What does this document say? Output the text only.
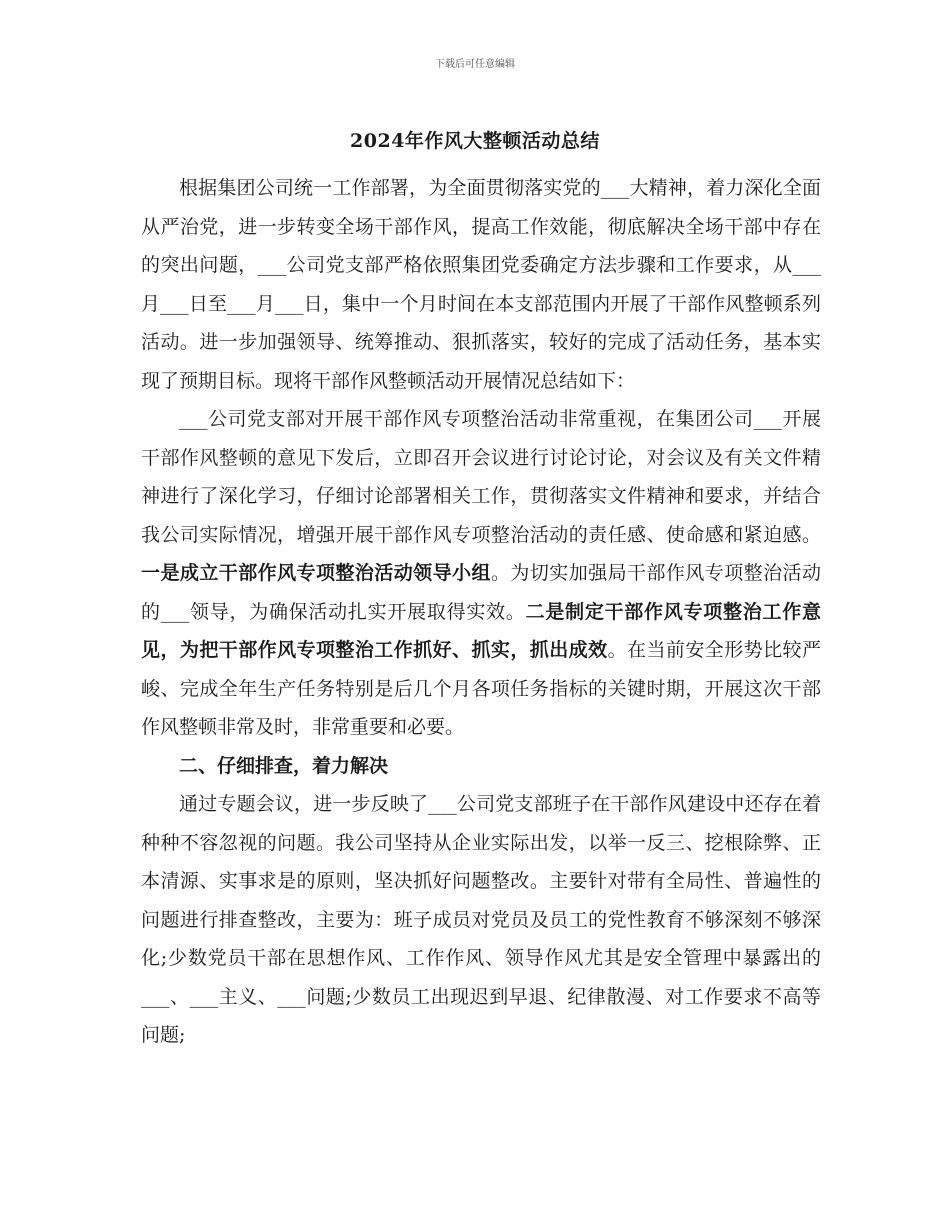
下载后可任意编辑
2024年作风大整顿活动总结

根据集团公司统一工作部署，为全面贯彻落实党的___大精神，着力深化全面从严治党，进一步转变全场干部作风，提高工作效能，彻底解决全场干部中存在的突出问题，___公司党支部严格依照集团党委确定方法步骤和工作要求，从___月___日至___月___日，集中一个月时间在本支部范围内开展了干部作风整顿系列活动。进一步加强领导、统筹推动、狠抓落实，较好的完成了活动任务，基本实现了预期目标。现将干部作风整顿活动开展情况总结如下：

___公司党支部对开展干部作风专项整治活动非常重视，在集团公司___开展干部作风整顿的意见下发后，立即召开会议进行讨论讨论，对会议及有关文件精神进行了深化学习，仔细讨论部署相关工作，贯彻落实文件精神和要求，并结合我公司实际情况，增强开展干部作风专项整治活动的责任感、使命感和紧迫感。一是成立干部作风专项整治活动领导小组。为切实加强局干部作风专项整治活动的___领导，为确保活动扎实开展取得实效。二是制定干部作风专项整治工作意见，为把干部作风专项整治工作抓好、抓实，抓出成效。在当前安全形势比较严峻、完成全年生产任务特别是后几个月各项任务指标的关键时期，开展这次干部作风整顿非常及时，非常重要和必要。

二、仔细排查，着力解决

通过专题会议，进一步反映了___公司党支部班子在干部作风建设中还存在着种种不容忽视的问题。我公司坚持从企业实际出发，以举一反三、挖根除弊、正本清源、实事求是的原则，坚决抓好问题整改。主要针对带有全局性、普遍性的问题进行排查整改，主要为：班子成员对党员及员工的党性教育不够深刻不够深化;少数党员干部在思想作风、工作作风、领导作风尤其是安全管理中暴露出的___、___主义、___问题;少数员工出现迟到早退、纪律散漫、对工作要求不高等问题;
